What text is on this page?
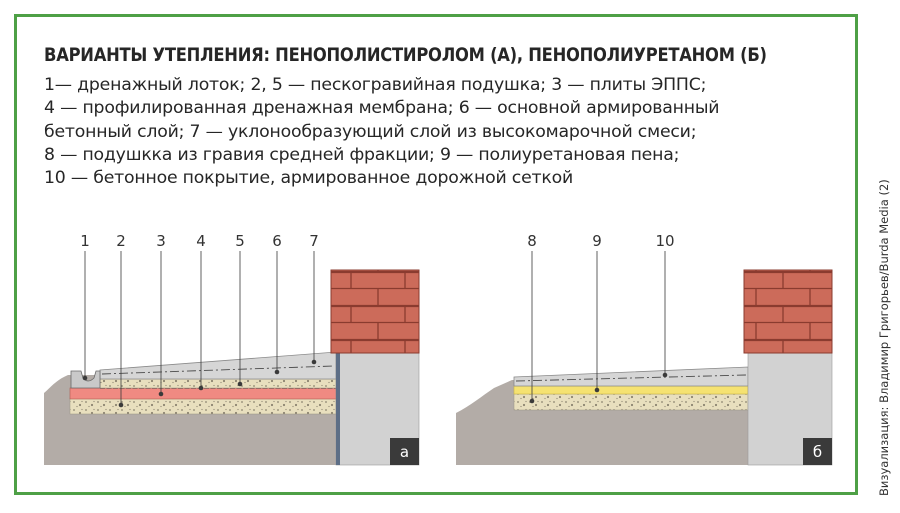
ВАРИАНТЫ УТЕПЛЕНИЯ: ПЕНОПОЛИСТИРОЛОМ (А), ПЕНОПОЛИУРЕТАНОМ (Б)
1— дренажный лоток; 2, 5 — пескогравийная подушка; 3 — плиты ЭППС;
4 — профилированная дренажная мембрана; 6 — основной армированный
бетонный слой; 7 — уклонообразующий слой из высокомарочной смеси;
8 — подушкка из гравия средней фракции; 9 — полиуретановая пена;
10 — бетонное покрытие, армированное дорожной сеткой
1 2 3 4 5 6 7
а
8	9	10
б	Визуализация: Владимир Григорьев/Burda Media (2)
